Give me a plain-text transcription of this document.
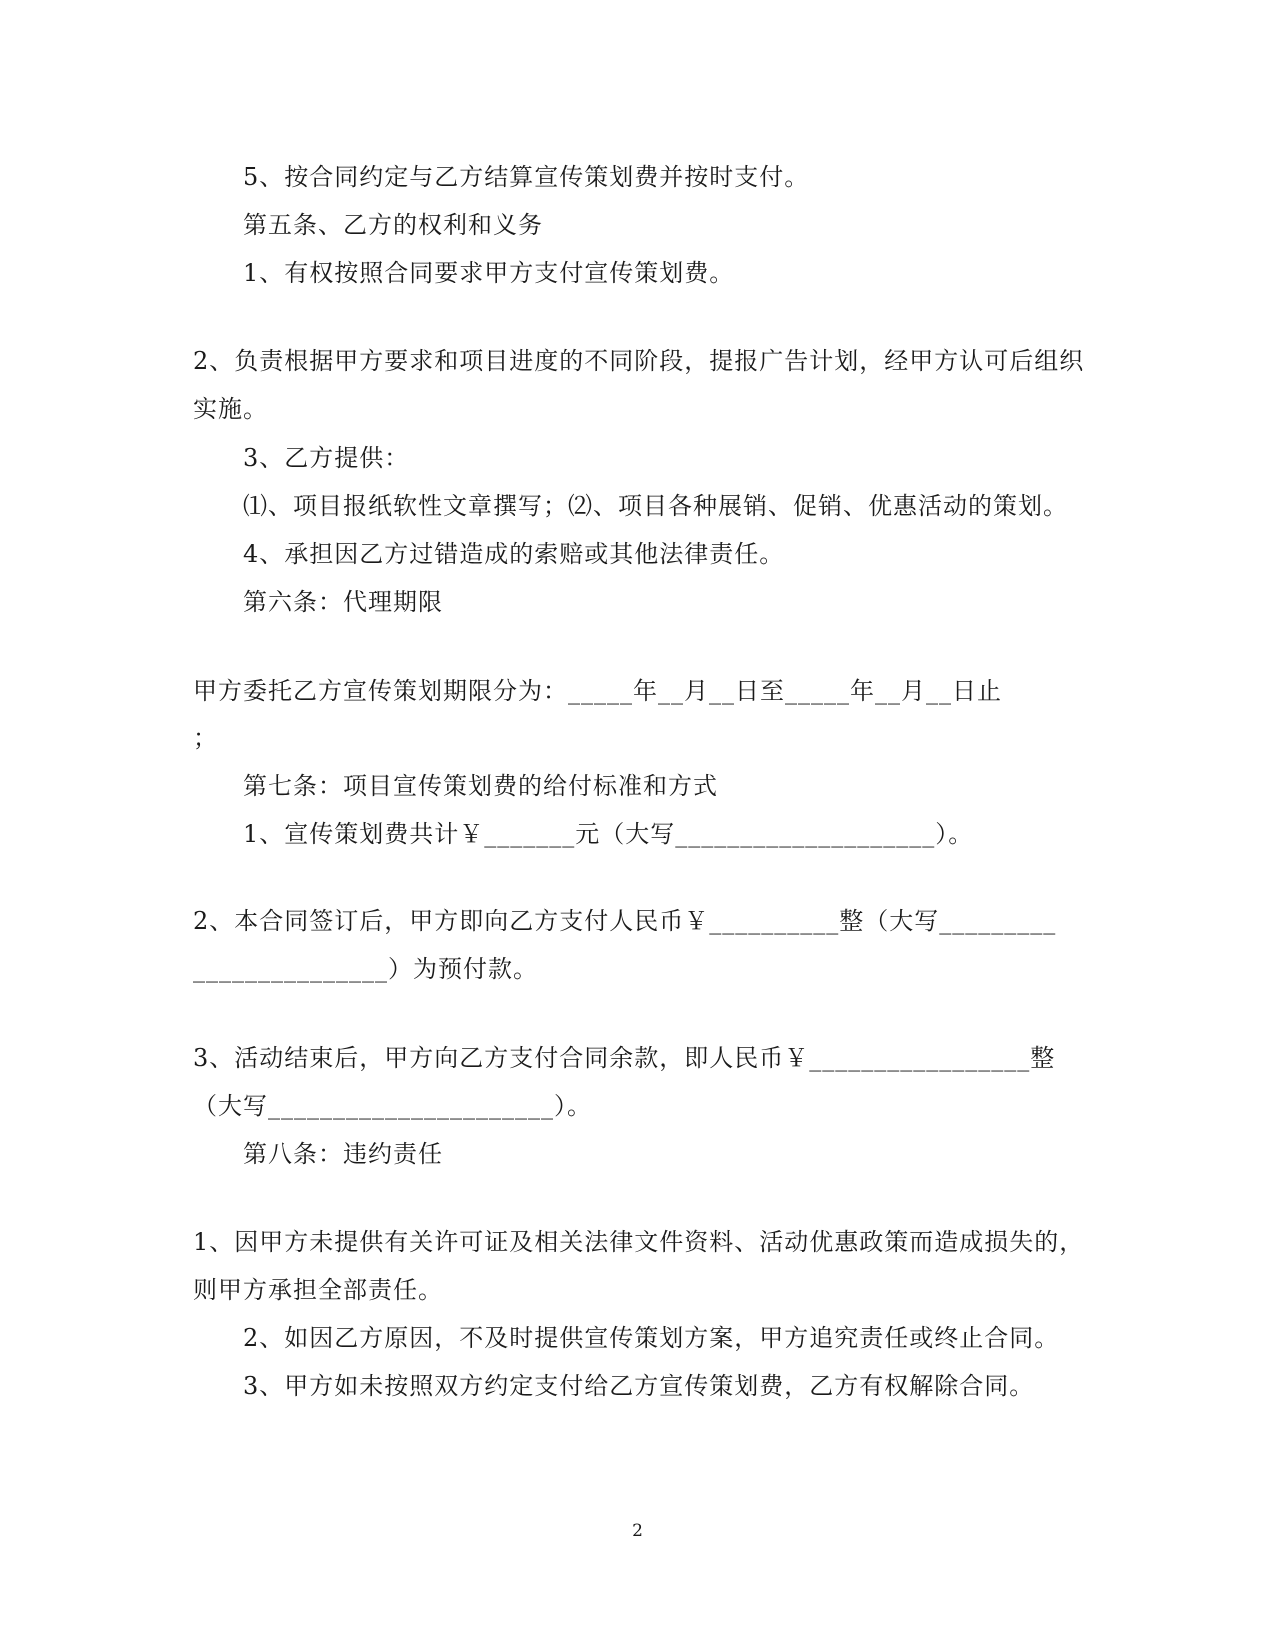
5、按合同约定与乙方结算宣传策划费并按时支付。
第五条、乙方的权利和义务
1、有权按照合同要求甲方支付宣传策划费。
2、负责根据甲方要求和项目进度的不同阶段，提报广告计划，经甲方认可后组织
实施。
3、乙方提供：
⑴、项目报纸软性文章撰写；⑵、项目各种展销、促销、优惠活动的策划。
4、承担因乙方过错造成的索赔或其他法律责任。
第六条：代理期限
甲方委托乙方宣传策划期限分为：_____年__月__日至_____年__月__日止
；
第七条：项目宣传策划费的给付标准和方式
1、宣传策划费共计￥_______元（大写____________________）。
2、本合同签订后，甲方即向乙方支付人民币￥__________整（大写_________
_______________）为预付款。
3、活动结束后，甲方向乙方支付合同余款，即人民币￥_________________整
（大写______________________）。
第八条：违约责任
1、因甲方未提供有关许可证及相关法律文件资料、活动优惠政策而造成损失的，
则甲方承担全部责任。
2、如因乙方原因，不及时提供宣传策划方案，甲方追究责任或终止合同。
3、甲方如未按照双方约定支付给乙方宣传策划费，乙方有权解除合同。
2
